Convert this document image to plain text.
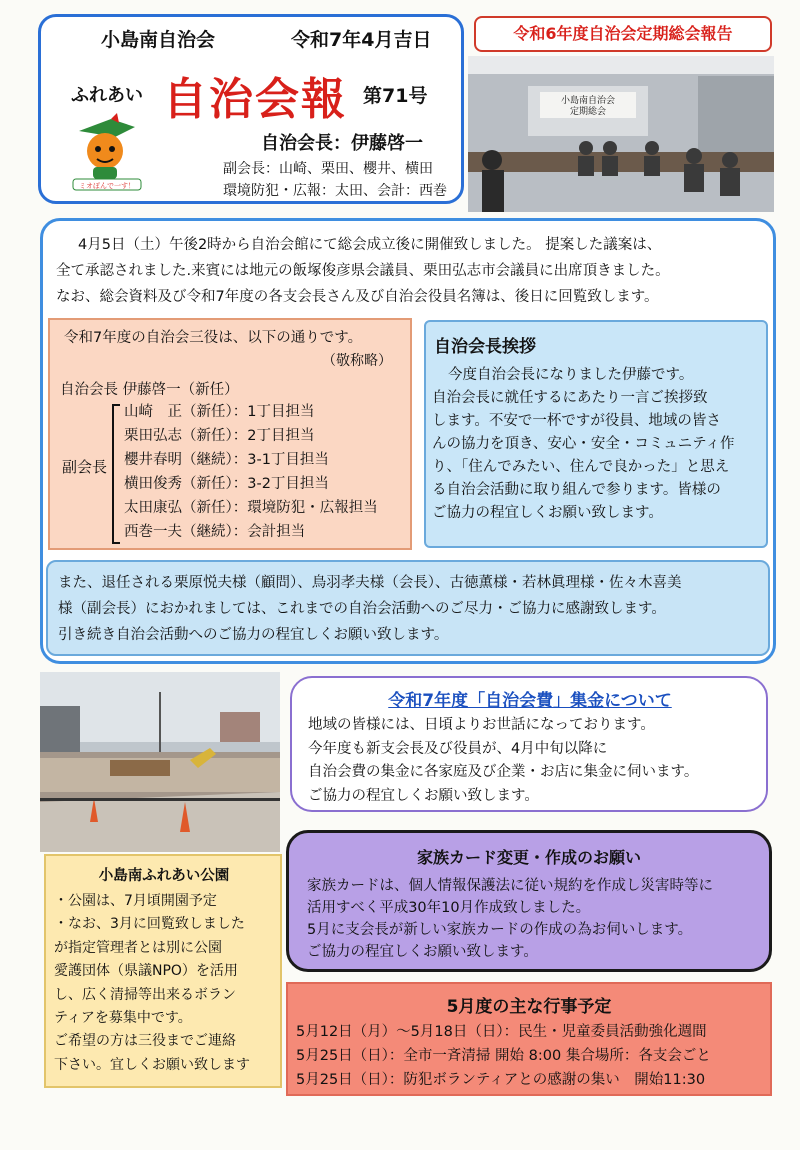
小島南自治会	令和7年4月吉日
ふれあい 自治会報 第71号
自治会長：伊藤啓一
副会長：山崎、栗田、櫻井、横田
環境防犯・広報：太田、会計：西巻
ミオぽんで一す！
令和6年度自治会定期総会報告
小島南自治会
定期総会

4月5日（土）午後2時から自治会館にて総会成立後に開催致しました。 提案した議案は、

全て承認されました.来賓には地元の飯塚俊彦県会議員、栗田弘志市会議員に出席頂きました。

なお、総会資料及び令和7年度の各支会長さん及び自治会役員名簿は、後日に回覧致します。

令和7年度の自治会三役は、以下の通りです。
（敬称略）
自治会長 伊藤啓一（新任）
副会長
山崎　正（新任）：1丁目担当
栗田弘志（新任）：2丁目担当
櫻井春明（継続）：3-1丁目担当
横田俊秀（新任）：3-2丁目担当
太田康弘（新任）：環境防犯・広報担当
西巻一夫（継続）：会計担当
自治会長挨拶

今度自治会長になりました伊藤です。

自治会長に就任するにあたり一言ご挨拶致

します。不安で一杯ですが役員、地域の皆さ

んの協力を頂き、安心・安全・コミュニティ作

り、「住んでみたい、住んで良かった」と思え

る自治会活動に取り組んで参ります。皆様の

ご協力の程宜しくお願い致します。

また、退任される栗原悦夫様（顧問）、鳥羽孝夫様（会長）、古徳薫様・若林眞理様・佐々木喜美

様（副会長）におかれましては、これまでの自治会活動へのご尽力・ご協力に感謝致します。

引き続き自治会活動へのご協力の程宜しくお願い致します。

小島南ふれあい公園

・公園は、7月頃開園予定

・なお、3月に回覧致しました

が指定管理者とは別に公園

愛護団体（県議NPO）を活用

し、広く清掃等出来るボラン

ティアを募集中です。

ご希望の方は三役までご連絡

下さい。宜しくお願い致します

令和7年度「自治会費」集金について

地域の皆様には、日頃よりお世話になっております。

今年度も新支会長及び役員が、4月中旬以降に

自治会費の集金に各家庭及び企業・お店に集金に伺います。

ご協力の程宜しくお願い致します。

家族カード変更・作成のお願い

家族カードは、個人情報保護法に従い規約を作成し災害時等に

活用すべく平成30年10月作成致しました。

5月に支会長が新しい家族カードの作成の為お伺いします。

ご協力の程宜しくお願い致します。

5月度の主な行事予定
5月12日（月）〜5月18日（日）：民生・児童委員活動強化週間
5月25日（日）：全市一斉清掃 開始 8:00 集合場所：各支会ごと
5月25日（日）：防犯ボランティアとの感謝の集い　開始11:30
